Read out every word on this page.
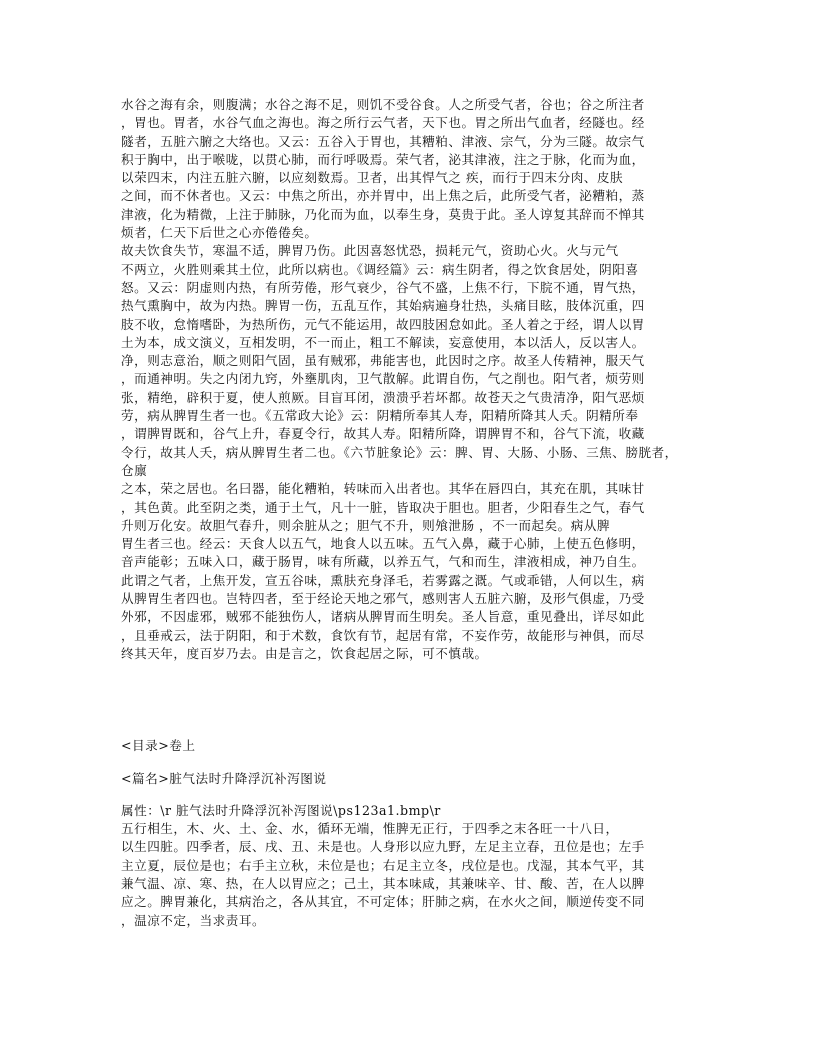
水谷之海有余，则腹满；水谷之海不足，则饥不受谷食。人之所受气者，谷也；谷之所注者
，胃也。胃者，水谷气血之海也。海之所行云气者，天下也。胃之所出气血者，经隧也。经
隧者，五脏六腑之大络也。又云：五谷入于胃也，其糟粕、津液、宗气，分为三隧。故宗气
积于胸中，出于喉咙，以贯心肺，而行呼吸焉。荣气者，泌其津液，注之于脉，化而为血，
以荣四末，内注五脏六腑，以应刻数焉。卫者，出其悍气之 疾，而行于四末分肉、皮肤
之间，而不休者也。又云：中焦之所出，亦并胃中，出上焦之后，此所受气者，泌糟粕，蒸
津液，化为精微，上注于肺脉，乃化而为血，以奉生身，莫贵于此。圣人谆复其辞而不惮其
烦者，仁天下后世之心亦倦倦矣。
故夫饮食失节，寒温不适，脾胃乃伤。此因喜怒忧恐，损耗元气，资助心火。火与元气
不两立，火胜则乘其土位，此所以病也。《调经篇》云：病生阴者，得之饮食居处，阴阳喜
怒。又云：阴虚则内热，有所劳倦，形气衰少，谷气不盛，上焦不行，下脘不通，胃气热，
热气熏胸中，故为内热。脾胃一伤，五乱互作，其始病遍身壮热，头痛目眩，肢体沉重，四
肢不收，怠惰嗜卧，为热所伤，元气不能运用，故四肢困怠如此。圣人着之于经，谓人以胃
土为本，成文演义，互相发明，不一而止，粗工不解读，妄意使用，本以活人，反以害人。
净，则志意治，顺之则阳气固，虽有贼邪，弗能害也，此因时之序。故圣人传精神，服天气
，而通神明。失之内闭九窍，外壅肌肉，卫气散解。此谓自伤，气之削也。阳气者，烦劳则
张，精绝，辟积于夏，使人煎厥。目盲耳闭，溃溃乎若坏都。故苍天之气贵清净，阳气恶烦
劳，病从脾胃生者一也。《五常政大论》云：阴精所奉其人寿，阳精所降其人夭。阴精所奉
，谓脾胃既和，谷气上升，春夏令行，故其人寿。阳精所降，谓脾胃不和，谷气下流，收藏
令行，故其人夭，病从脾胃生者二也。《六节脏象论》云：脾、胃、大肠、小肠、三焦、膀胱者，
仓廪
之本，荣之居也。名曰器，能化糟粕，转味而入出者也。其华在唇四白，其充在肌，其味甘
，其色黄。此至阴之类，通于土气，凡十一脏，皆取决于胆也。胆者，少阳春生之气，春气
升则万化安。故胆气春升，则余脏从之；胆气不升，则飧泄肠 ，不一而起矣。病从脾
胃生者三也。经云：天食人以五气，地食人以五味。五气入鼻，藏于心肺，上使五色修明，
音声能彰；五味入口，藏于肠胃，味有所藏，以养五气，气和而生，津液相成，神乃自生。
此谓之气者，上焦开发，宣五谷味，熏肤充身泽毛，若雾露之溉。气或乖错，人何以生，病
从脾胃生者四也。岂特四者，至于经论天地之邪气，感则害人五脏六腑，及形气俱虚，乃受
外邪，不因虚邪，贼邪不能独伤人，诸病从脾胃而生明矣。圣人旨意，重见叠出，详尽如此
，且垂戒云，法于阴阳，和于术数，食饮有节，起居有常，不妄作劳，故能形与神俱，而尽
终其天年，度百岁乃去。由是言之，饮食起居之际，可不慎哉。
<目录>卷上
<篇名>脏气法时升降浮沉补泻图说
属性：\r 脏气法时升降浮沉补泻图说\ps123a1.bmp\r
五行相生，木、火、土、金、水，循环无端，惟脾无正行，于四季之末各旺一十八日，
以生四脏。四季者，辰、戌、丑、未是也。人身形以应九野，左足主立春，丑位是也；左手
主立夏，辰位是也；右手主立秋，未位是也；右足主立冬，戌位是也。戊湿，其本气平，其
兼气温、凉、寒、热，在人以胃应之；己土，其本味咸，其兼味辛、甘、酸、苦，在人以脾
应之。脾胃兼化，其病治之，各从其宜，不可定体；肝肺之病，在水火之间，顺逆传变不同
，温凉不定，当求责耳。
